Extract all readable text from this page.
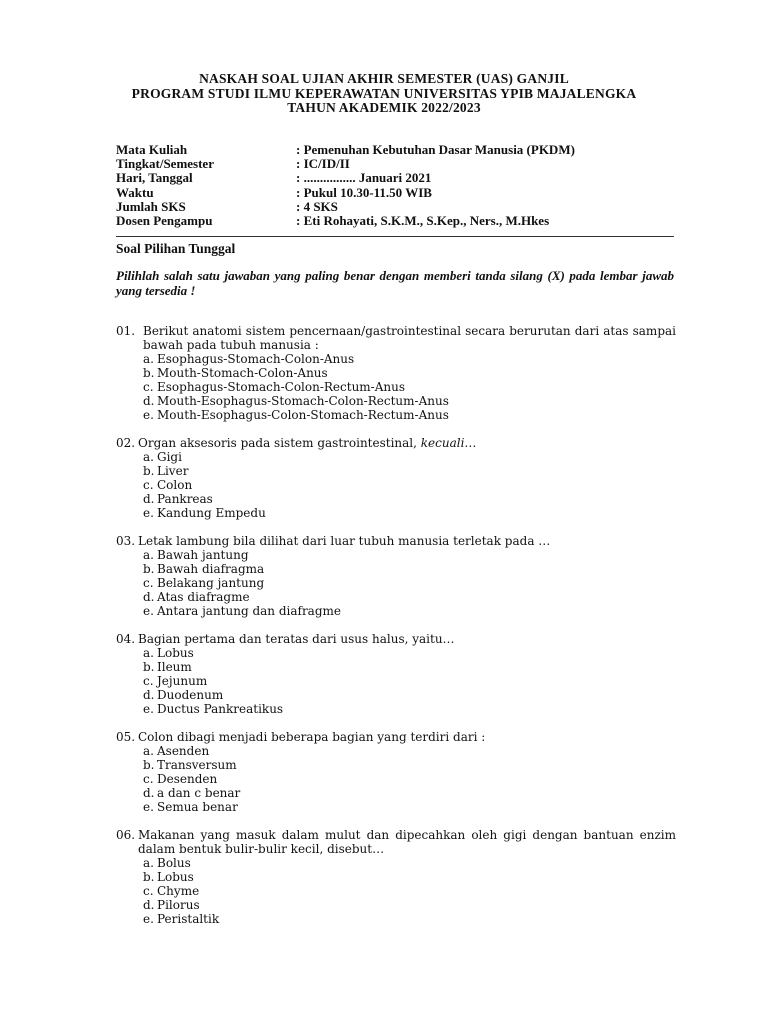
NASKAH SOAL UJIAN AKHIR SEMESTER (UAS) GANJIL
PROGRAM STUDI ILMU KEPERAWATAN UNIVERSITAS YPIB MAJALENGKA
TAHUN AKADEMIK 2022/2023
Mata Kuliah	: Pemenuhan Kebutuhan Dasar Manusia (PKDM)
Tingkat/Semester	: IC/ID/II
Hari, Tanggal	: ................ Januari 2021
Waktu	: Pukul 10.30-11.50 WIB
Jumlah SKS	: 4 SKS
Dosen Pengampu	: Eti Rohayati, S.K.M., S.Kep., Ners., M.Hkes
Soal Pilihan Tunggal
Pilihlah salah satu jawaban yang paling benar dengan memberi tanda silang (X) pada lembar jawab yang tersedia !
01. Berikut anatomi sistem pencernaan/gastrointestinal secara berurutan dari atas sampai bawah pada tubuh manusia :
a. Esophagus-Stomach-Colon-Anus
b. Mouth-Stomach-Colon-Anus
c. Esophagus-Stomach-Colon-Rectum-Anus
d. Mouth-Esophagus-Stomach-Colon-Rectum-Anus
e. Mouth-Esophagus-Colon-Stomach-Rectum-Anus
02. Organ aksesoris pada sistem gastrointestinal, kecuali…
a. Gigi
b. Liver
c. Colon
d. Pankreas
e. Kandung Empedu
03. Letak lambung bila dilihat dari luar tubuh manusia terletak pada …
a. Bawah jantung
b. Bawah diafragma
c. Belakang jantung
d. Atas diafragme
e. Antara jantung dan diafragme
04. Bagian pertama dan teratas dari usus halus, yaitu…
a. Lobus
b. Ileum
c. Jejunum
d. Duodenum
e. Ductus Pankreatikus
05. Colon dibagi menjadi beberapa bagian yang terdiri dari :
a. Asenden
b. Transversum
c. Desenden
d. a dan c benar
e. Semua benar
06. Makanan yang masuk dalam mulut dan dipecahkan oleh gigi dengan bantuan enzim dalam bentuk bulir-bulir kecil, disebut…
a. Bolus
b. Lobus
c. Chyme
d. Pilorus
e. Peristaltik
